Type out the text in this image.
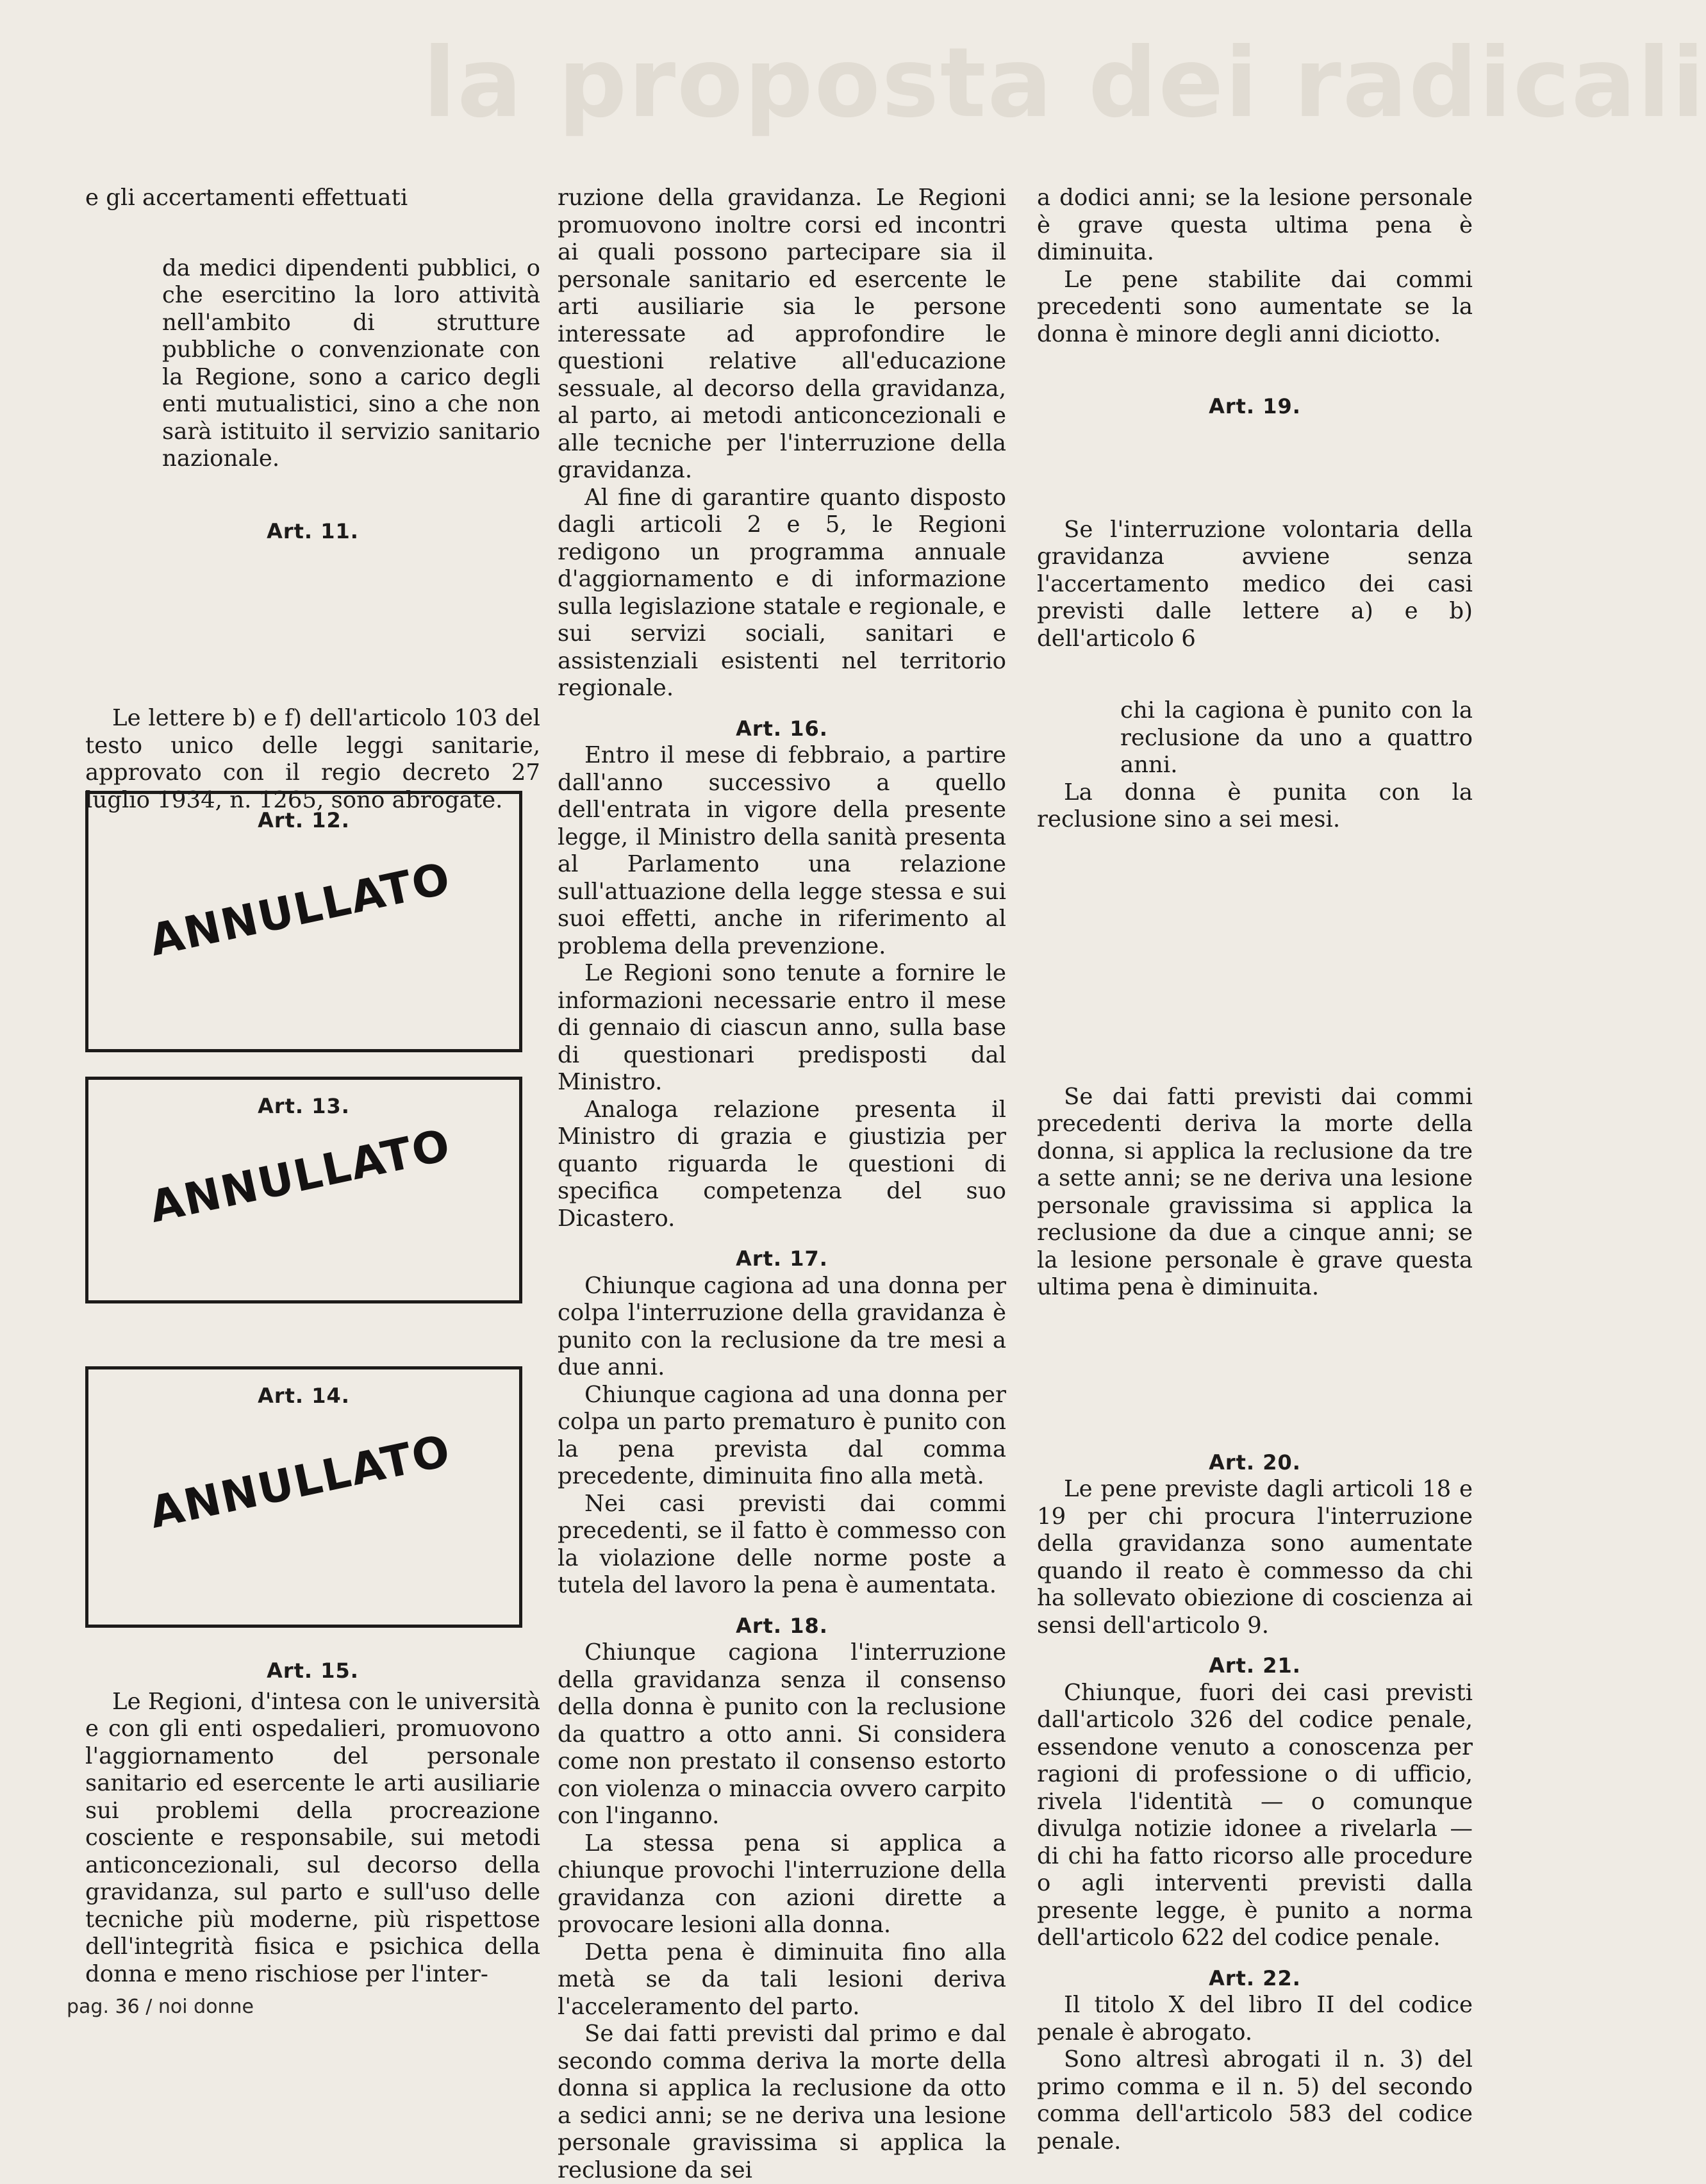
la proposta dei radicali

e gli accertamenti effettuati

da medici dipendenti pubblici, o che esercitino la loro attività nell'ambito di strutture pubbliche o convenzionate con la Regione, sono a carico degli enti mutualistici, sino a che non sarà istituito il servizio sanitario nazionale.

Art. 11.

Le lettere b) e f) dell'articolo 103 del testo unico delle leggi sanitarie, approvato con il regio decreto 27 luglio 1934, n. 1265, sono abrogate.

Art. 12.

ANNULLATO

Art. 13.

ANNULLATO

Art. 14.

ANNULLATO

Art. 15.

Le Regioni, d'intesa con le università e con gli enti ospedalieri, promuovono l'aggiornamento del personale sanitario ed esercente le arti ausiliarie sui problemi della procreazione cosciente e responsabile, sui metodi anticoncezionali, sul decorso della gravidanza, sul parto e sull'uso delle tecniche più moderne, più rispettose dell'integrità fisica e psichica della donna e meno rischiose per l'inter-

ruzione della gravidanza. Le Regioni promuovono inoltre corsi ed incontri ai quali possono partecipare sia il personale sanitario ed esercente le arti ausiliarie sia le persone interessate ad approfondire le questioni relative all'educazione sessuale, al decorso della gravidanza, al parto, ai metodi anticoncezionali e alle tecniche per l'interruzione della gravidanza.

Al fine di garantire quanto disposto dagli articoli 2 e 5, le Regioni redigono un programma annuale d'aggiornamento e di informazione sulla legislazione statale e regionale, e sui servizi sociali, sanitari e assistenziali esistenti nel territorio regionale.

Art. 16.

Entro il mese di febbraio, a partire dall'anno successivo a quello dell'entrata in vigore della presente legge, il Ministro della sanità presenta al Parlamento una relazione sull'attuazione della legge stessa e sui suoi effetti, anche in riferimento al problema della prevenzione.

Le Regioni sono tenute a fornire le informazioni necessarie entro il mese di gennaio di ciascun anno, sulla base di questionari predisposti dal Ministro.

Analoga relazione presenta il Ministro di grazia e giustizia per quanto riguarda le questioni di specifica competenza del suo Dicastero.

Art. 17.

Chiunque cagiona ad una donna per colpa l'interruzione della gravidanza è punito con la reclusione da tre mesi a due anni.

Chiunque cagiona ad una donna per colpa un parto prematuro è punito con la pena prevista dal comma precedente, diminuita fino alla metà.

Nei casi previsti dai commi precedenti, se il fatto è commesso con la violazione delle norme poste a tutela del lavoro la pena è aumentata.

Art. 18.

Chiunque cagiona l'interruzione della gravidanza senza il consenso della donna è punito con la reclusione da quattro a otto anni. Si considera come non prestato il consenso estorto con violenza o minaccia ovvero carpito con l'inganno.

La stessa pena si applica a chiunque provochi l'interruzione della gravidanza con azioni dirette a provocare lesioni alla donna.

Detta pena è diminuita fino alla metà se da tali lesioni deriva l'acceleramento del parto.

Se dai fatti previsti dal primo e dal secondo comma deriva la morte della donna si applica la reclusione da otto a sedici anni; se ne deriva una lesione personale gravissima si applica la reclusione da sei

a dodici anni; se la lesione personale è grave questa ultima pena è diminuita.

Le pene stabilite dai commi precedenti sono aumentate se la donna è minore degli anni diciotto.

Art. 19.

Se l'interruzione volontaria della gravidanza avviene senza l'accertamento medico dei casi previsti dalle lettere a) e b) dell'articolo 6

chi la cagiona è punito con la reclusione da uno a quattro anni.

La donna è punita con la reclusione sino a sei mesi.

Se dai fatti previsti dai commi precedenti deriva la morte della donna, si applica la reclusione da tre a sette anni; se ne deriva una lesione personale gravissima si applica la reclusione da due a cinque anni; se la lesione personale è grave questa ultima pena è diminuita.

Art. 20.

Le pene previste dagli articoli 18 e 19 per chi procura l'interruzione della gravidanza sono aumentate quando il reato è commesso da chi ha sollevato obiezione di coscienza ai sensi dell'articolo 9.

Art. 21.

Chiunque, fuori dei casi previsti dall'articolo 326 del codice penale, essendone venuto a conoscenza per ragioni di professione o di ufficio, rivela l'identità — o comunque divulga notizie idonee a rivelarla — di chi ha fatto ricorso alle procedure o agli interventi previsti dalla presente legge, è punito a norma dell'articolo 622 del codice penale.

Art. 22.

Il titolo X del libro II del codice penale è abrogato.

Sono altresì abrogati il n. 3) del primo comma e il n. 5) del secondo comma dell'articolo 583 del codice penale.

pag. 36 / noi donne
